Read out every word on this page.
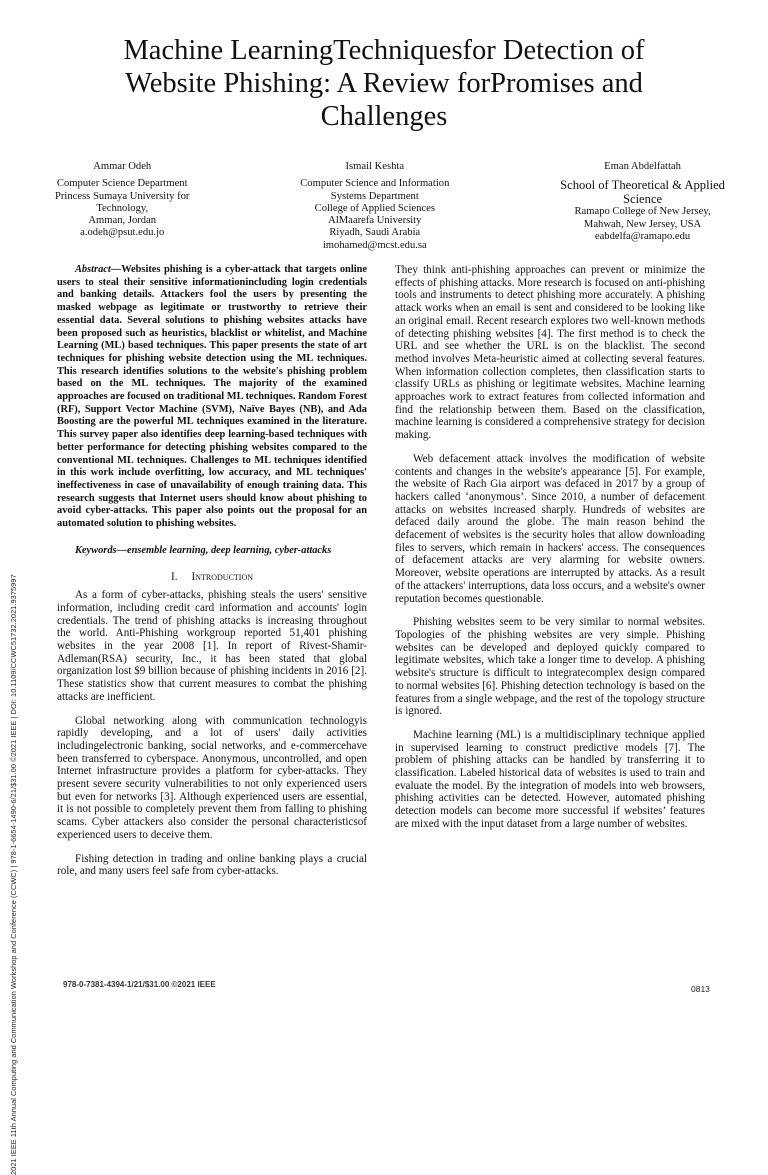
2021 IEEE 11th Annual Computing and Communication Workshop and Conference (CCWC) | 978-1-6654-1490-6/21/$31.00 ©2021 IEEE | DOI: 10.1109/CCWC51732.2021.9375997
Machine LearningTechniquesfor Detection of
Website Phishing: A Review forPromises and
Challenges
Ammar Odeh
Computer Science Department
Princess Sumaya University for
Technology,
Amman, Jordan
a.odeh@psut.edu.jo
Ismail Keshta
Computer Science and Information
Systems Department
College of Applied Sciences
AlMaarefa University
Riyadh, Saudi Arabia
imohamed@mcst.edu.sa
Eman Abdelfattah
School of Theoretical & Applied
Science
Ramapo College of New Jersey,
Mahwah, New Jersey, USA
eabdelfa@ramapo.edu

Abstract—Websites phishing is a cyber-attack that targets online users to steal their sensitive informationincluding login credentials and banking details. Attackers fool the users by presenting the masked webpage as legitimate or trustworthy to retrieve their essential data. Several solutions to phishing websites attacks have been proposed such as heuristics, blacklist or whitelist, and Machine Learning (ML) based techniques. This paper presents the state of art techniques for phishing website detection using the ML techniques. This research identifies solutions to the website's phishing problem based on the ML techniques. The majority of the examined approaches are focused on traditional ML techniques. Random Forest (RF), Support Vector Machine (SVM), Naïve Bayes (NB), and Ada Boosting are the powerful ML techniques examined in the literature. This survey paper also identifies deep learning-based techniques with better performance for detecting phishing websites compared to the conventional ML techniques. Challenges to ML techniques identified in this work include overfitting, low accuracy, and ML techniques' ineffectiveness in case of unavailability of enough training data. This research suggests that Internet users should know about phishing to avoid cyber-attacks. This paper also points out the proposal for an automated solution to phishing websites.

Keywords—ensemble learning, deep learning, cyber-attacks

I. Introduction

As a form of cyber-attacks, phishing steals the users' sensitive information, including credit card information and accounts' login credentials. The trend of phishing attacks is increasing throughout the world. Anti-Phishing workgroup reported 51,401 phishing websites in the year 2008 [1]. In report of Rivest-Shamir-Adleman(RSA) security, Inc., it has been stated that global organization lost $9 billion because of phishing incidents in 2016 [2]. These statistics show that current measures to combat the phishing attacks are inefficient.

Global networking along with communication technologyis rapidly developing, and a lot of users' daily activities includingelectronic banking, social networks, and e-commercehave been transferred to cyberspace. Anonymous, uncontrolled, and open Internet infrastructure provides a platform for cyber-attacks. They present severe security vulnerabilities to not only experienced users but even for networks [3]. Although experienced users are essential, it is not possible to completely prevent them from falling to phishing scams. Cyber attackers also consider the personal characteristicsof experienced users to deceive them.

Fishing detection in trading and online banking plays a crucial role, and many users feel safe from cyber-attacks.

They think anti-phishing approaches can prevent or minimize the effects of phishing attacks. More research is focused on anti-phishing tools and instruments to detect phishing more accurately. A phishing attack works when an email is sent and considered to be looking like an original email. Recent research explores two well-known methods of detecting phishing websites [4]. The first method is to check the URL and see whether the URL is on the blacklist. The second method involves Meta-heuristic aimed at collecting several features. When information collection completes, then classification starts to classify URLs as phishing or legitimate websites. Machine learning approaches work to extract features from collected information and find the relationship between them. Based on the classification, machine learning is considered a comprehensive strategy for decision making.

Web defacement attack involves the modification of website contents and changes in the website's appearance [5]. For example, the website of Rach Gia airport was defaced in 2017 by a group of hackers called ‘anonymous’. Since 2010, a number of defacement attacks on websites increased sharply. Hundreds of websites are defaced daily around the globe. The main reason behind the defacement of websites is the security holes that allow downloading files to servers, which remain in hackers' access. The consequences of defacement attacks are very alarming for website owners. Moreover, website operations are interrupted by attacks. As a result of the attackers' interruptions, data loss occurs, and a website's owner reputation becomes questionable.

Phishing websites seem to be very similar to normal websites. Topologies of the phishing websites are very simple. Phishing websites can be developed and deployed quickly compared to legitimate websites, which take a longer time to develop. A phishing website's structure is difficult to integratecomplex design compared to normal websites [6]. Phishing detection technology is based on the features from a single webpage, and the rest of the topology structure is ignored.

Machine learning (ML) is a multidisciplinary technique applied in supervised learning to construct predictive models [7]. The problem of phishing attacks can be handled by transferring it to classification. Labeled historical data of websites is used to train and evaluate the model. By the integration of models into web browsers, phishing activities can be detected. However, automated phishing detection models can become more successful if websites’ features are mixed with the input dataset from a large number of websites.

978-0-7381-4394-1/21/$31.00 ©2021 IEEE	0813
